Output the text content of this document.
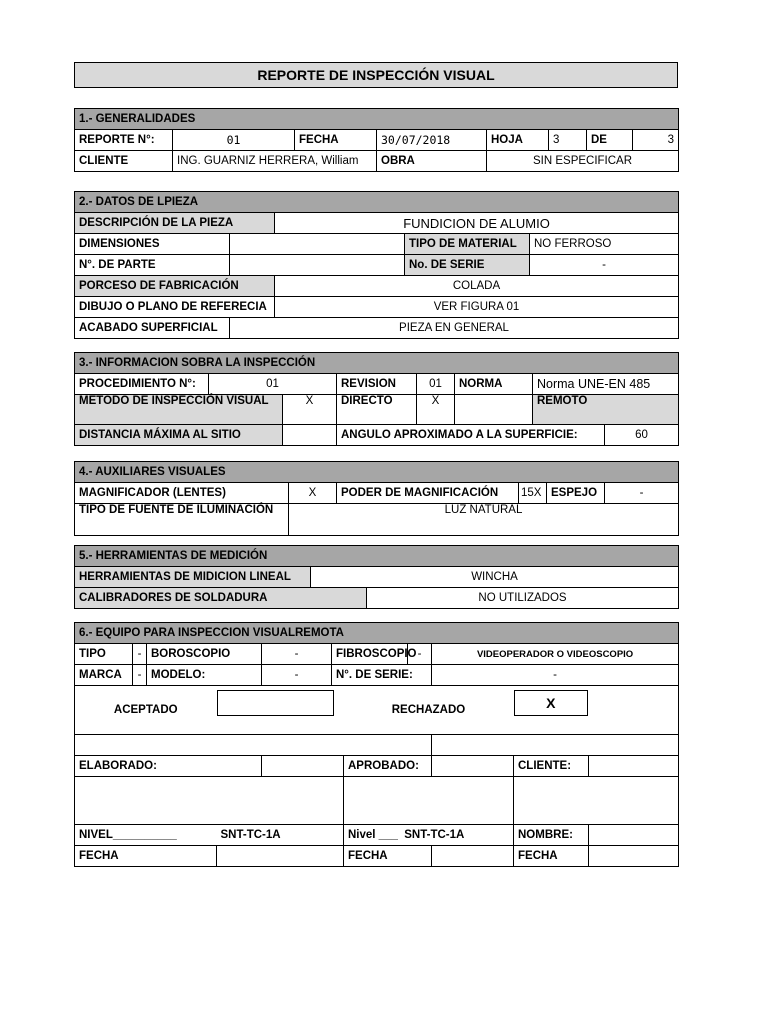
REPORTE DE INSPECCIÓN VISUAL
1.- GENERALIDADES							
REPORTE N°:	01	FECHA	30/07/2018	HOJA	3	DE	3
CLIENTE	ING. GUARNIZ HERRERA, William		OBRA	SIN ESPECIFICAR			
2.- DATOS DE LPIEZA				
DESCRIPCIÓN DE LA PIEZA		FUNDICION DE ALUMIO		
DIMENSIONES			TIPO DE MATERIAL	NO FERROSO
N°. DE PARTE			No. DE SERIE	-
PORCESO DE FABRICACIÓN		COLADA		
DIBUJO O PLANO DE REFERECIA		VER FIGURA 01		
ACABADO SUPERFICIAL	PIEZA EN GENERAL			
3.- INFORMACION SOBRA LA INSPECCIÓN							
PROCEDIMIENTO N°:	01		REVISION	01	NORMA	Norma UNE-EN 485	
METODO DE INSPECCIÓN VISUAL		X	DIRECTO	X		REMOTO	
DISTANCIA MÁXIMA AL SITIO			ANGULO APROXIMADO A LA SUPERFICIE:				60
4.- AUXILIARES VISUALES					
MAGNIFICADOR (LENTES)	X	PODER DE MAGNIFICACIÓN	15X	ESPEJO	-
TIPO DE FUENTE DE ILUMINACIÓN	LUZ NATURAL				
5.- HERRAMIENTAS DE MEDICIÓN		
HERRAMIENTAS DE MIDICION LINEAL	WINCHA	
CALIBRADORES DE SOLDADURA		NO UTILIZADOS
6.- EQUIPO PARA INSPECCION VISUALREMOTA										
TIPO	-	BOROSCOPIO		-	FIBROSCOPIO		-	VIDEOPERADOR O VIDEOSCOPIO		
MARCA	-	MODELO:		-	N°. DE SERIE:			-		
ACEPTADO						RECHAZADO			X	

ELABORADO:						APROBADO:			CLIENTE:	

NIVEL__________			SNT-TC-1A			Nivel ___ SNT-TC-1A			NOMBRE:	
FECHA						FECHA			FECHA	
